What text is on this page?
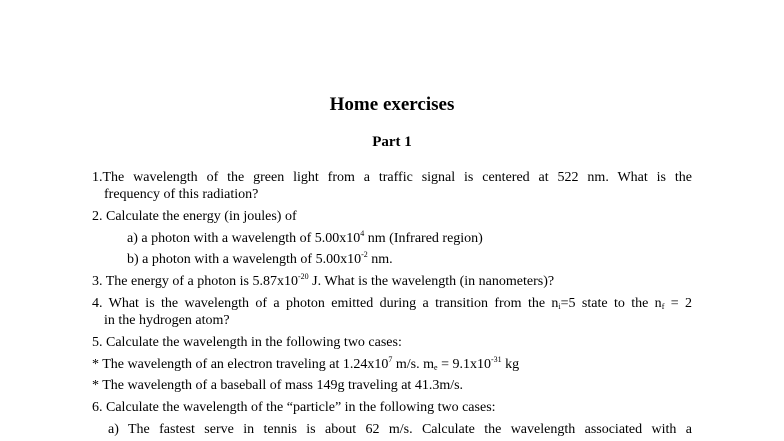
Home exercises
Part 1
1.The wavelength of the green light from a traffic signal is centered at 522 nm. What is the
frequency of this radiation?
2. Calculate the energy (in joules) of
a) a photon with a wavelength of $5.00x10^4$ nm (Infrared region)
b) a photon with a wavelength of $5.00x10^{-2}$ nm.
3. The energy of a photon is $5.87x10^{-20}$ J. What is the wavelength (in nanometers)?
4. What is the wavelength of a photon emitted during a transition from the $n_i=5$ state to the $n_f = 2$
in the hydrogen atom?
5. Calculate the wavelength in the following two cases:
* The wavelength of an electron traveling at $1.24x10^7$ m/s. $m_e = 9.1x10^{-31}$ kg
* The wavelength of a baseball of mass 149g traveling at 41.3m/s.
6. Calculate the wavelength of the “particle” in the following two cases:
a) The fastest serve in tennis is about 62 m/s. Calculate the wavelength associated with a
